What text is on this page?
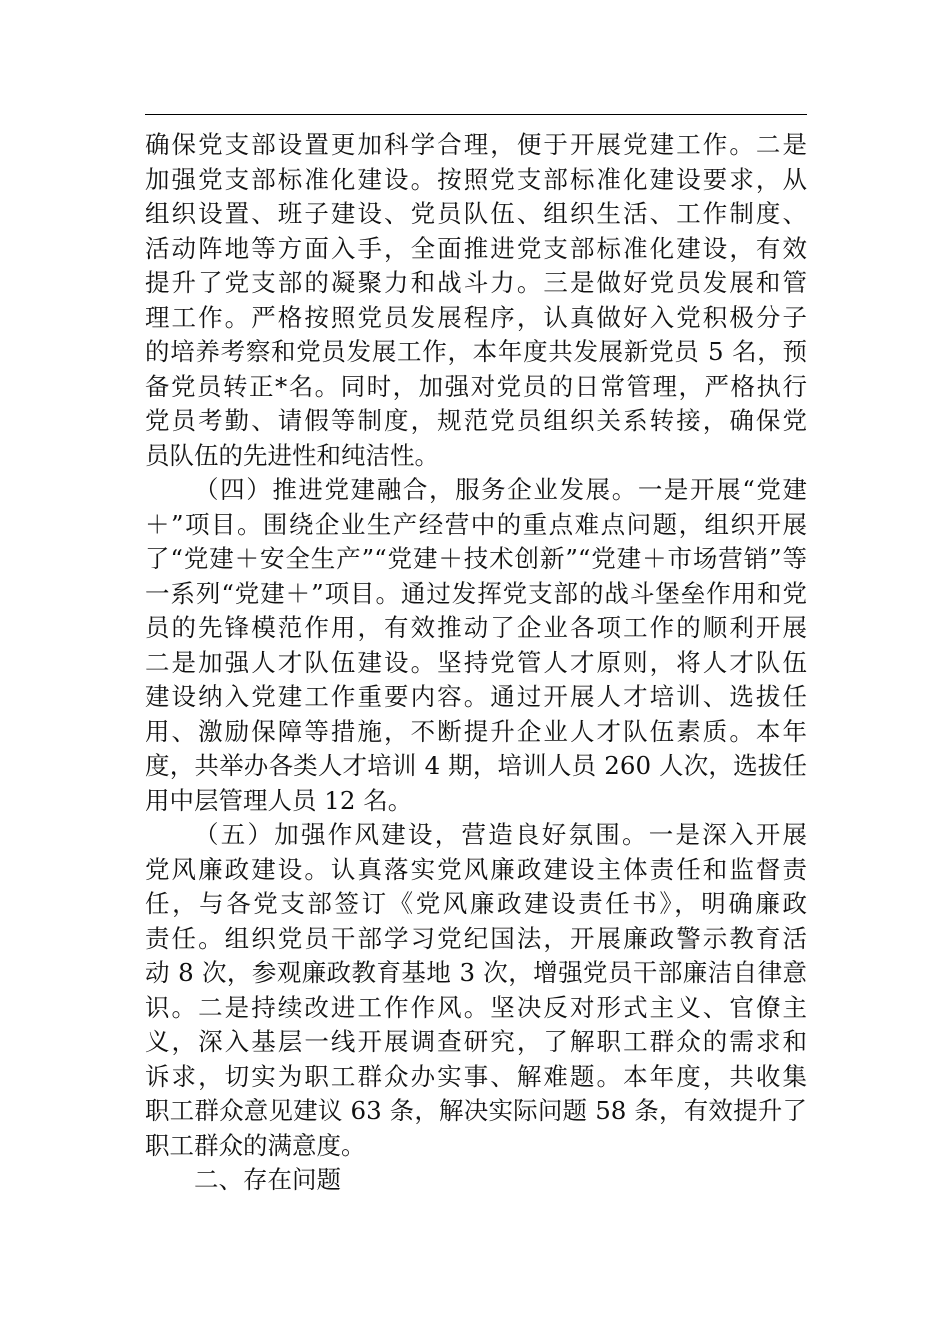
确保党支部设置更加科学合理，便于开展党建工作。二是
加强党支部标准化建设。按照党支部标准化建设要求，从
组织设置、班子建设、党员队伍、组织生活、工作制度、
活动阵地等方面入手，全面推进党支部标准化建设，有效
提升了党支部的凝聚力和战斗力。三是做好党员发展和管
理工作。严格按照党员发展程序，认真做好入党积极分子
的培养考察和党员发展工作，本年度共发展新党员 5 名，预
备党员转正*名。同时，加强对党员的日常管理，严格执行
党员考勤、请假等制度，规范党员组织关系转接，确保党
员队伍的先进性和纯洁性。
（四）推进党建融合，服务企业发展。一是开展“党建
＋”项目。围绕企业生产经营中的重点难点问题，组织开展
了“党建＋安全生产”“党建＋技术创新”“党建＋市场营销”等
一系列“党建＋”项目。通过发挥党支部的战斗堡垒作用和党
员的先锋模范作用，有效推动了企业各项工作的顺利开展
二是加强人才队伍建设。坚持党管人才原则，将人才队伍
建设纳入党建工作重要内容。通过开展人才培训、选拔任
用、激励保障等措施，不断提升企业人才队伍素质。本年
度，共举办各类人才培训 4 期，培训人员 260 人次，选拔任
用中层管理人员 12 名。
（五）加强作风建设，营造良好氛围。一是深入开展
党风廉政建设。认真落实党风廉政建设主体责任和监督责
任，与各党支部签订《党风廉政建设责任书》，明确廉政
责任。组织党员干部学习党纪国法，开展廉政警示教育活
动 8 次，参观廉政教育基地 3 次，增强党员干部廉洁自律意
识。二是持续改进工作作风。坚决反对形式主义、官僚主
义，深入基层一线开展调查研究，了解职工群众的需求和
诉求，切实为职工群众办实事、解难题。本年度，共收集
职工群众意见建议 63 条，解决实际问题 58 条，有效提升了
职工群众的满意度。
二、存在问题
